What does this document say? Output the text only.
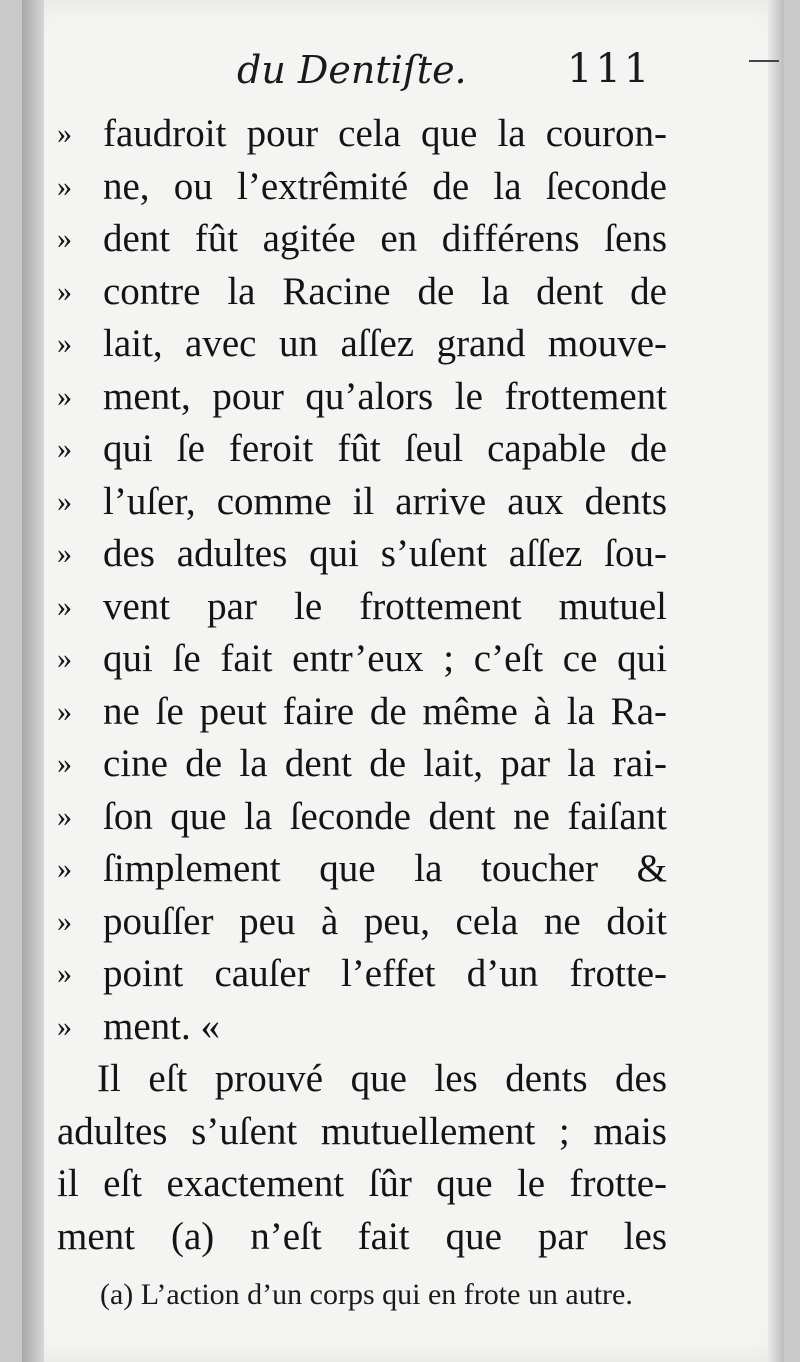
du Dentiſte.	111
» faudroit pour cela que la couron-
» ne, ou l’extrêmité de la ſeconde
» dent fût agitée en différens ſens
» contre la Racine de la dent de
» lait, avec un aſſez grand mouve-
» ment, pour qu’alors le frottement
» qui ſe feroit fût ſeul capable de
» l’uſer, comme il arrive aux dents
» des adultes qui s’uſent aſſez ſou-
» vent par le frottement mutuel
» qui ſe fait entr’eux ; c’eſt ce qui
» ne ſe peut faire de même à la Ra-
» cine de la dent de lait, par la rai-
» ſon que la ſeconde dent ne faiſant
» ſimplement que la toucher &
» pouſſer peu à peu, cela ne doit
» point cauſer l’effet d’un frotte-
» ment. «
Il eſt prouvé que les dents des
adultes s’uſent mutuellement ; mais
il eſt exactement ſûr que le frotte-
ment (a) n’eſt fait que par les
(a) L’action d’un corps qui en frote un autre.
